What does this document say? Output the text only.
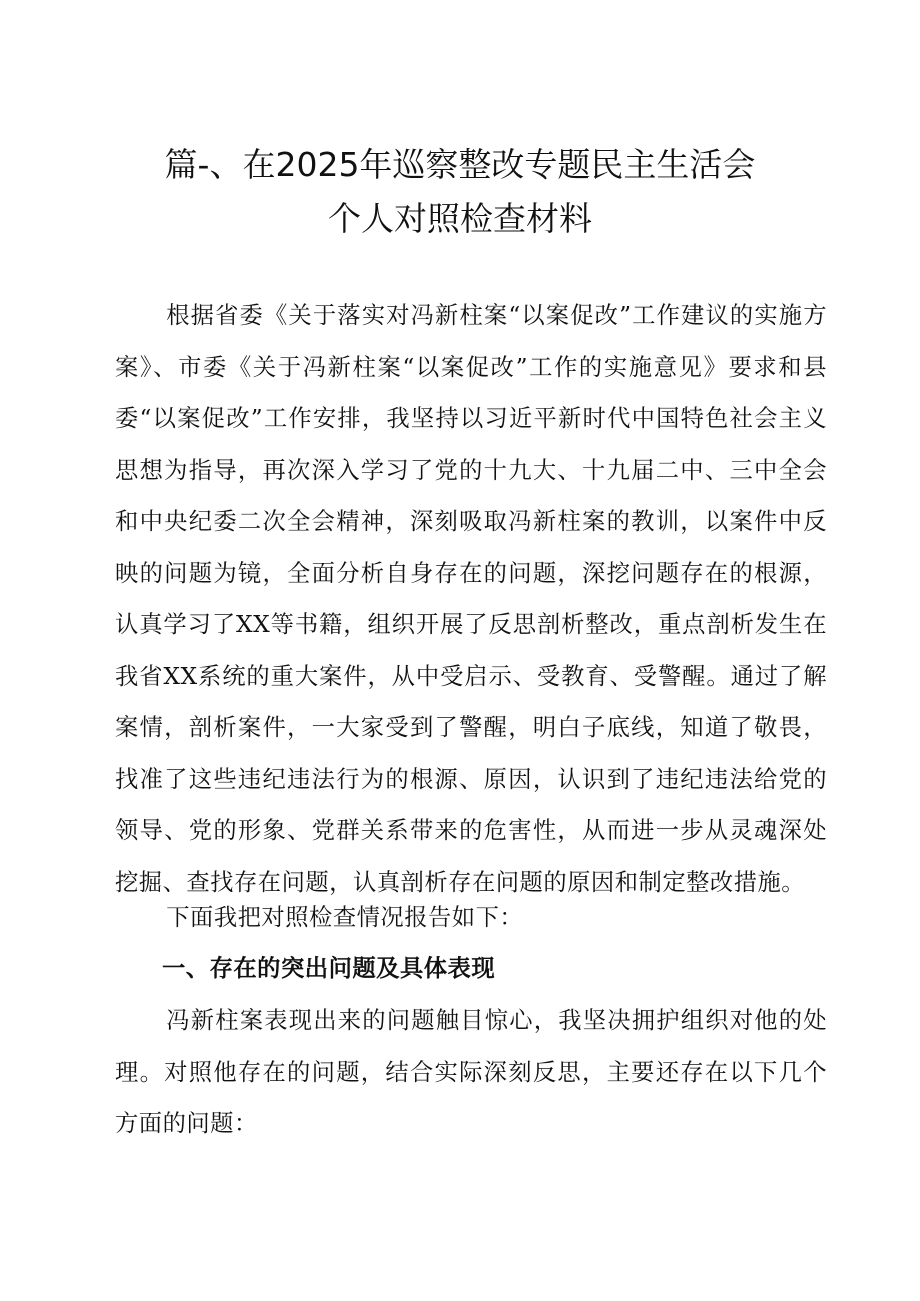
篇-、在2025年巡察整改专题民主生活会
个人对照检查材料

根据省委《关于落实对冯新柱案“以案促改”工作建议的实施方案》、市委《关于冯新柱案“以案促改”工作的实施意见》要求和县委“以案促改”工作安排，我坚持以习近平新时代中国特色社会主义思想为指导，再次深入学习了党的十九大、十九届二中、三中全会和中央纪委二次全会精神，深刻吸取冯新柱案的教训，以案件中反映的问题为镜，全面分析自身存在的问题，深挖问题存在的根源，认真学习了XX等书籍，组织开展了反思剖析整改，重点剖析发生在我省XX系统的重大案件，从中受启示、受教育、受警醒。通过了解案情，剖析案件，一大家受到了警醒，明白子底线，知道了敬畏，找准了这些违纪违法行为的根源、原因，认识到了违纪违法给党的领导、党的形象、党群关系带来的危害性，从而进一步从灵魂深处挖掘、查找存在问题，认真剖析存在问题的原因和制定整改措施。

下面我把对照检查情况报告如下：

一、存在的突出问题及具体表现

冯新柱案表现出来的问题触目惊心，我坚决拥护组织对他的处理。对照他存在的问题，结合实际深刻反思，主要还存在以下几个方面的问题：
